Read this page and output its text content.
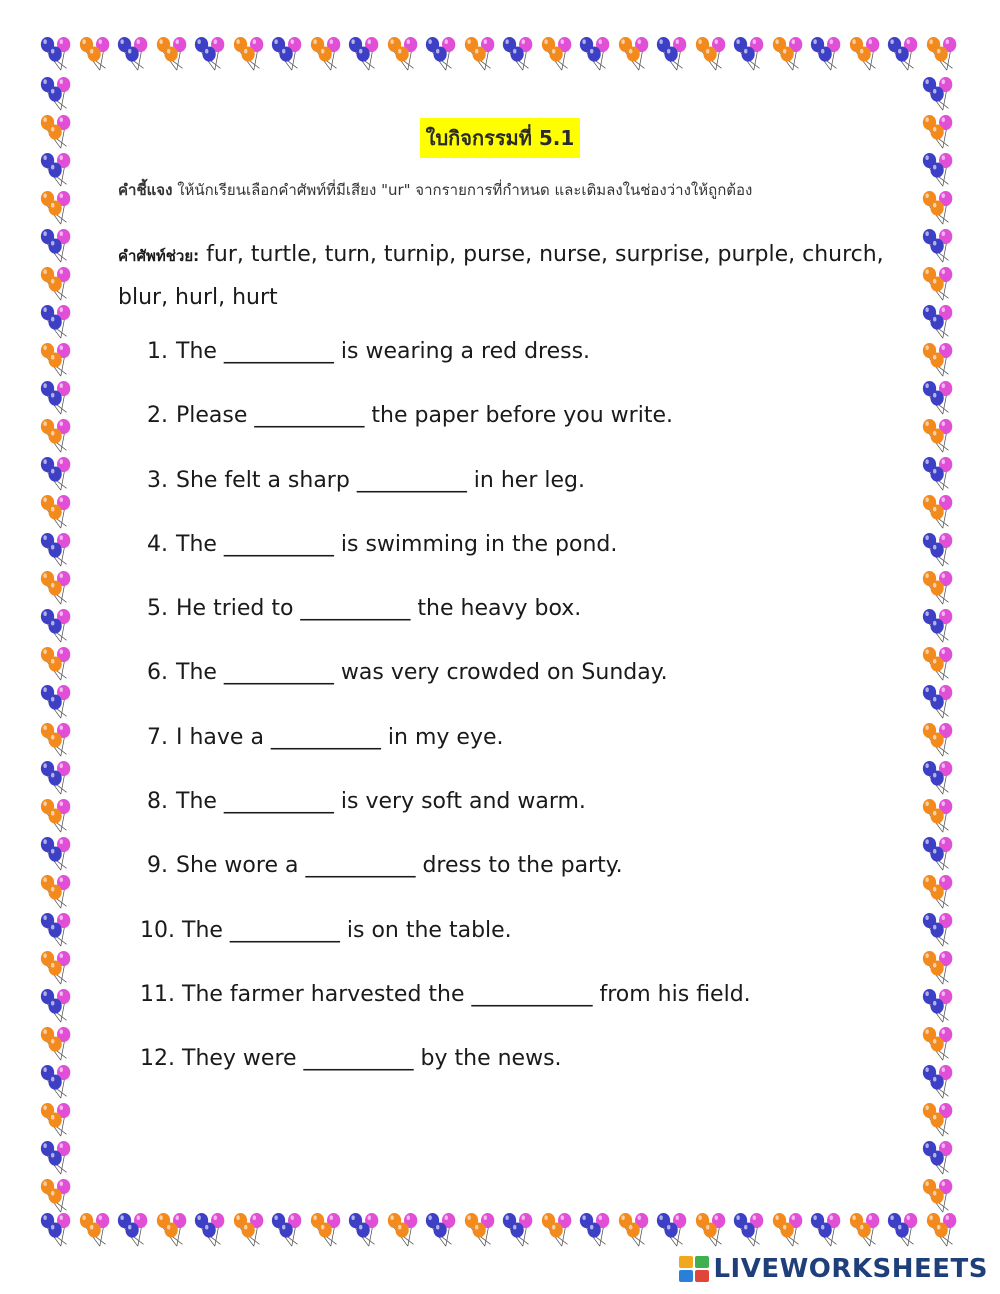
ใบกิจกรรมที่ 5.1
คำชี้แจง ให้นักเรียนเลือกคำศัพท์ที่มีเสียง "ur" จากรายการที่กำหนด และเติมลงในช่องว่างให้ถูกต้อง
คำศัพท์ช่วย: fur, turtle, turn, turnip, purse, nurse, surprise, purple, church, blur, hurl, hurt
1. The __________ is wearing a red dress.
2. Please __________ the paper before you write.
3. She felt a sharp __________ in her leg.
4. The __________ is swimming in the pond.
5. He tried to __________ the heavy box.
6. The __________ was very crowded on Sunday.
7. I have a __________ in my eye.
8. The __________ is very soft and warm.
9. She wore a __________ dress to the party.
10. The __________ is on the table.
11. The farmer harvested the ___________ from his field.
12. They were __________ by the news.
LIVEWORKSHEETS
